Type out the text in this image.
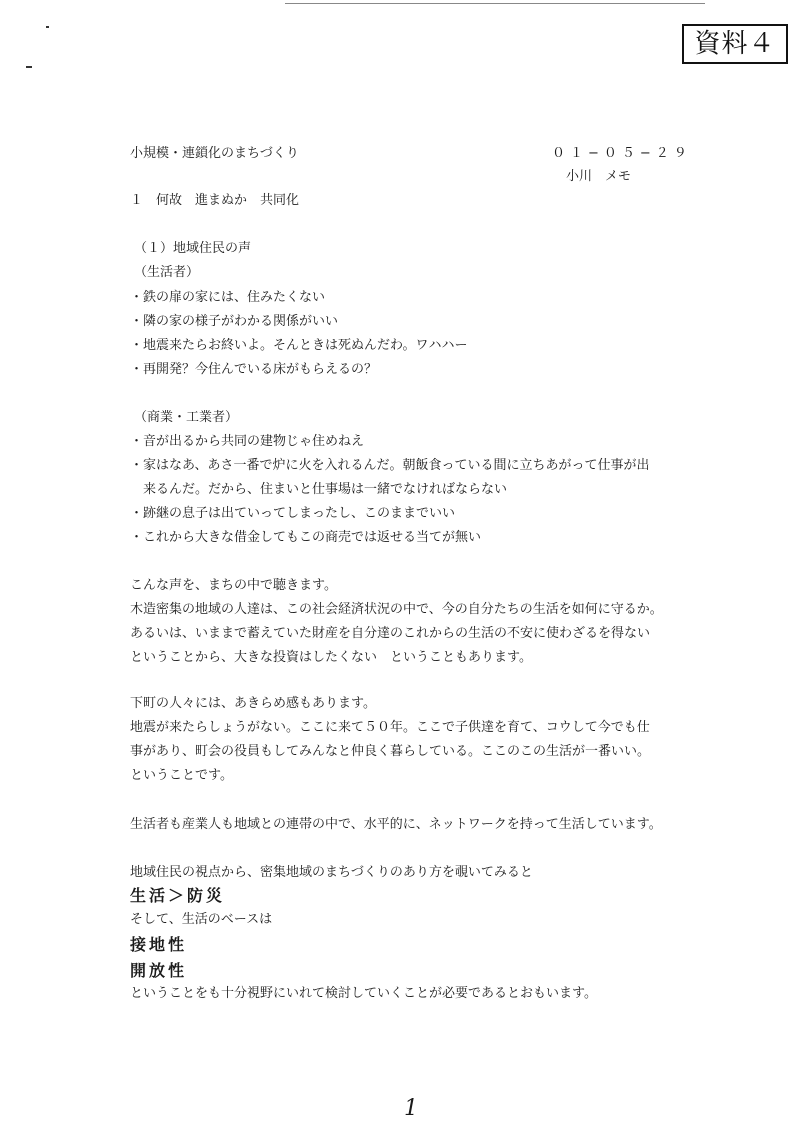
資料４
小規模・連鎖化のまちづくり	０１−０５−２９
小川　メモ
１　何故　進まぬか　共同化
（１）地域住民の声
（生活者）
・鉄の扉の家には、住みたくない
・隣の家の様子がわかる関係がいい
・地震来たらお終いよ。そんときは死ぬんだわ。ワハハー
・再開発？今住んでいる床がもらえるの？
（商業・工業者）
・音が出るから共同の建物じゃ住めねえ
・家はなあ、あさ一番で炉に火を入れるんだ。朝飯食っている間に立ちあがって仕事が出
　来るんだ。だから、住まいと仕事場は一緒でなければならない
・跡継の息子は出ていってしまったし、このままでいい
・これから大きな借金してもこの商売では返せる当てが無い
こんな声を、まちの中で聴きます。
木造密集の地域の人達は、この社会経済状況の中で、今の自分たちの生活を如何に守るか。
あるいは、いままで蓄えていた財産を自分達のこれからの生活の不安に使わざるを得ない
ということから、大きな投資はしたくない　ということもあります。
下町の人々には、あきらめ感もあります。
地震が来たらしょうがない。ここに来て５０年。ここで子供達を育て、コウして今でも仕
事があり、町会の役員もしてみんなと仲良く暮らしている。ここのこの生活が一番いい。
ということです。
生活者も産業人も地域との連帯の中で、水平的に、ネットワークを持って生活しています。
地域住民の視点から、密集地域のまちづくりのあり方を覗いてみると
生活＞防災
そして、生活のベースは
接地性
開放性
ということをも十分視野にいれて検討していくことが必要であるとおもいます。
1
